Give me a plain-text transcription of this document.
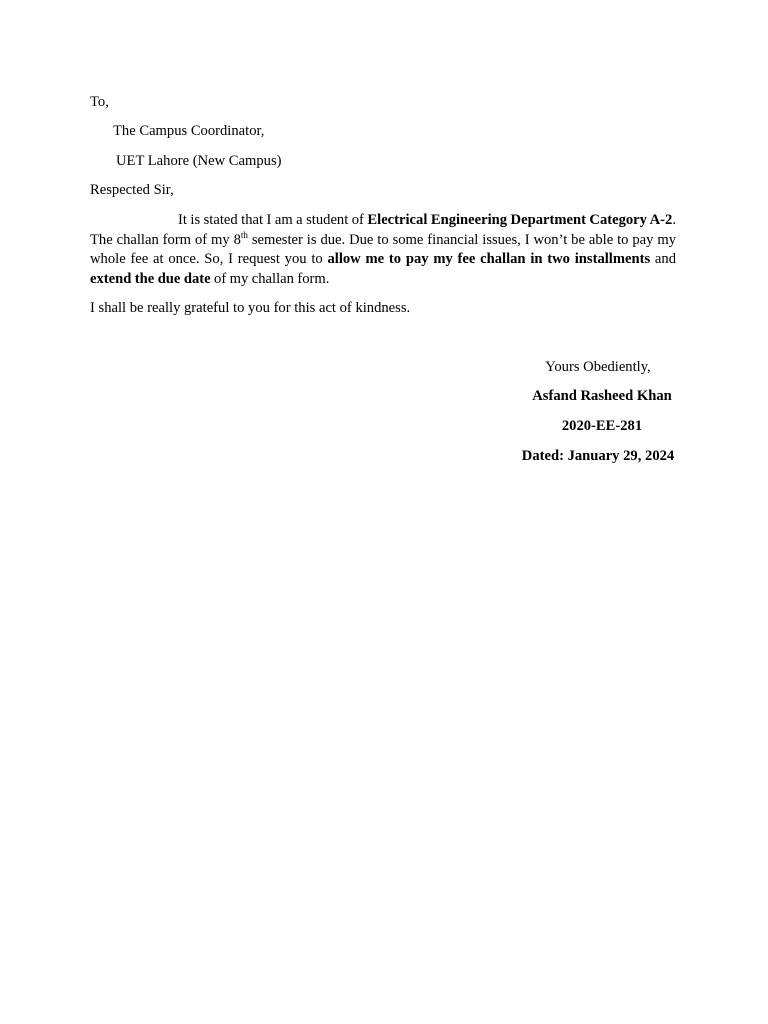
To,
The Campus Coordinator,
UET Lahore (New Campus)
Respected Sir,

It is stated that I am a student of Electrical Engineering Department Category A-2. The challan form of my 8th semester is due. Due to some financial issues, I won’t be able to pay my whole fee at once. So, I request you to allow me to pay my fee challan in two installments and extend the due date of my challan form.

I shall be really grateful to you for this act of kindness.
Yours Obediently,
Asfand Rasheed Khan
2020-EE-281
Dated: January 29, 2024
